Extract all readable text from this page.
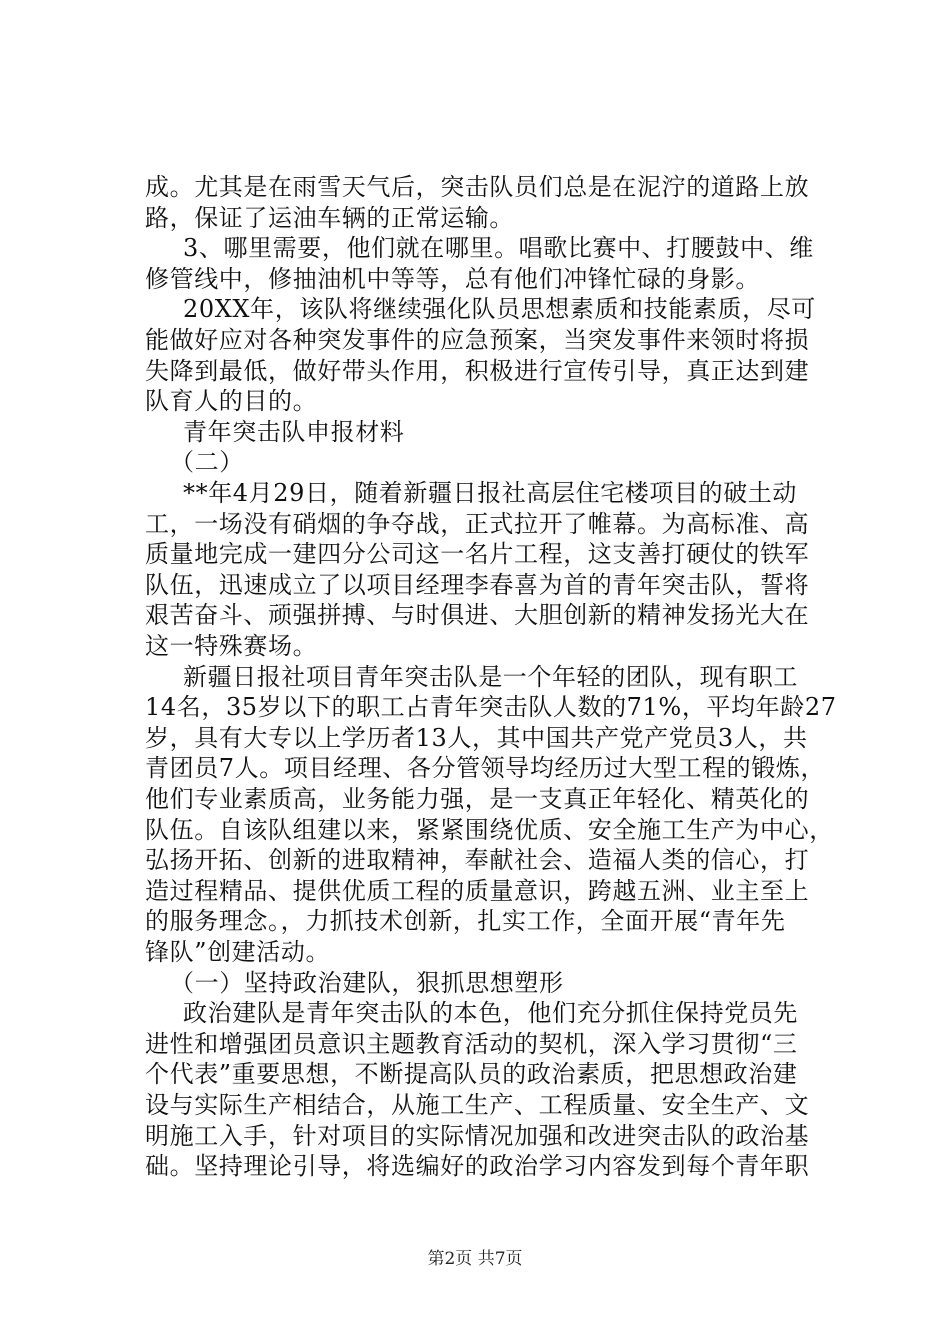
成。尤其是在雨雪天气后，突击队员们总是在泥泞的道路上放
路，保证了运油车辆的正常运输。
3、哪里需要，他们就在哪里。唱歌比赛中、打腰鼓中、维
修管线中，修抽油机中等等，总有他们冲锋忙碌的身影。
20XX年，该队将继续强化队员思想素质和技能素质，尽可
能做好应对各种突发事件的应急预案，当突发事件来领时将损
失降到最低，做好带头作用，积极进行宣传引导，真正达到建
队育人的目的。
青年突击队申报材料
（二）
**年4月29日，随着新疆日报社高层住宅楼项目的破土动
工，一场没有硝烟的争夺战，正式拉开了帷幕。为高标准、高
质量地完成一建四分公司这一名片工程，这支善打硬仗的铁军
队伍，迅速成立了以项目经理李春喜为首的青年突击队，誓将
艰苦奋斗、顽强拼搏、与时俱进、大胆创新的精神发扬光大在
这一特殊赛场。
新疆日报社项目青年突击队是一个年轻的团队，现有职工
14名，35岁以下的职工占青年突击队人数的71%，平均年龄27
岁，具有大专以上学历者13人，其中国共产党产党员3人，共
青团员7人。项目经理、各分管领导均经历过大型工程的锻炼，
他们专业素质高，业务能力强，是一支真正年轻化、精英化的
队伍。自该队组建以来，紧紧围绕优质、安全施工生产为中心，
弘扬开拓、创新的进取精神，奉献社会、造福人类的信心，打
造过程精品、提供优质工程的质量意识，跨越五洲、业主至上
的服务理念。，力抓技术创新，扎实工作，全面开展“青年先
锋队”创建活动。
（一）坚持政治建队，狠抓思想塑形
政治建队是青年突击队的本色，他们充分抓住保持党员先
进性和增强团员意识主题教育活动的契机，深入学习贯彻“三
个代表”重要思想，不断提高队员的政治素质，把思想政治建
设与实际生产相结合，从施工生产、工程质量、安全生产、文
明施工入手，针对项目的实际情况加强和改进突击队的政治基
础。坚持理论引导，将选编好的政治学习内容发到每个青年职
第2页 共7页
